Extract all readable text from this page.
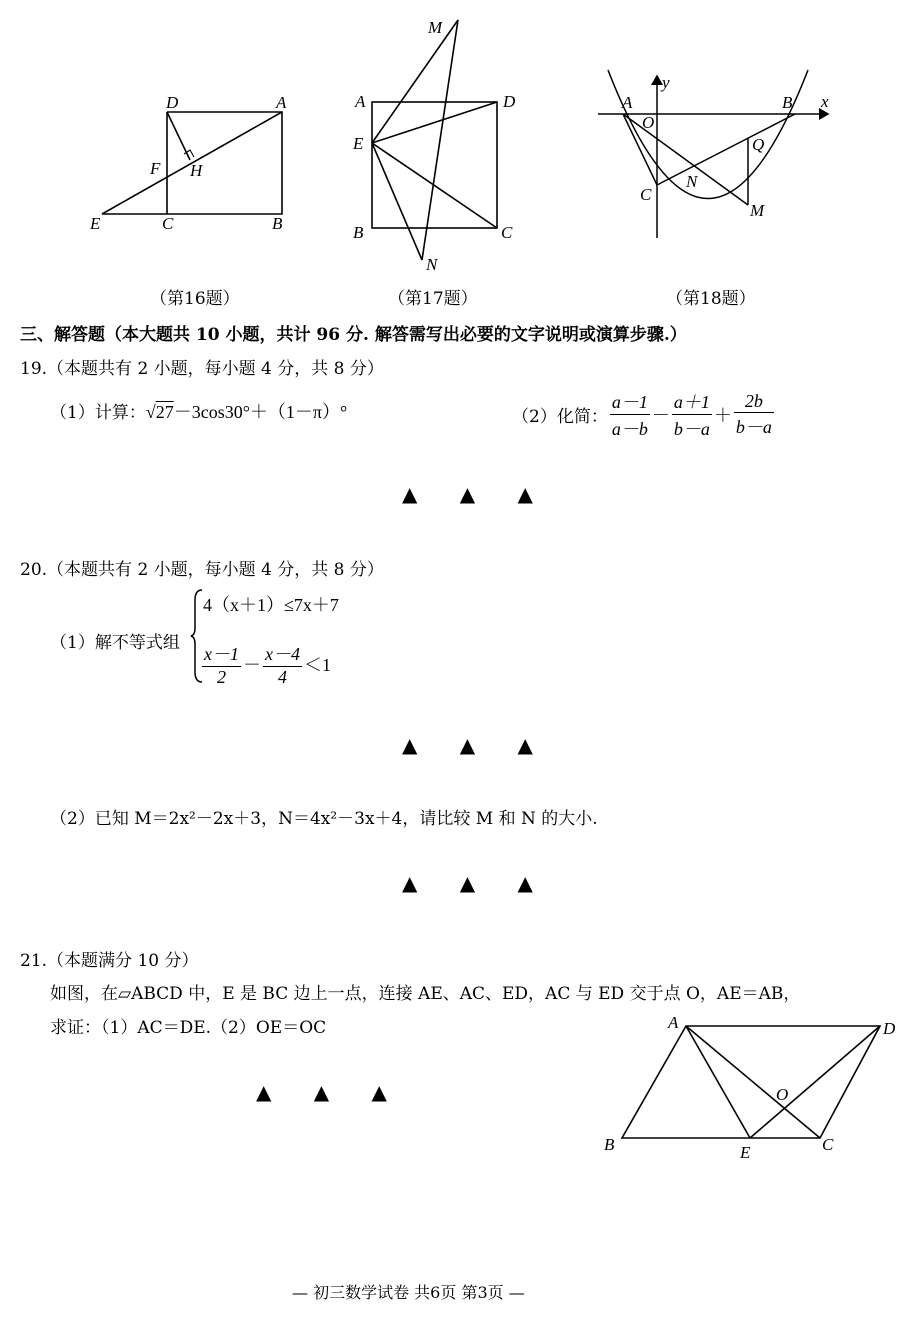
D	A
F H
E	C	B
（第16题）
M
A	D
E
B	C
N
（第17题）
y
A
O
B x
Q
C
N
M
（第18题）
三、解答题（本大题共 10 小题，共计 96 分. 解答需写出必要的文字说明或演算步骤.）
19.（本题共有 2 小题，每小题 4 分，共 8 分）
（1）计算：√27－3cos30°＋（1－π）°	（2）化简： $\frac{a-1}{a-b} - \frac{a+1}{b-a} + \frac{2b}{b-a}$
▲ ▲ ▲
20.（本题共有 2 小题，每小题 4 分，共 8 分）
（1）解不等式组
4（x＋1）≤7x＋7
$\frac{x-1}{2} - \frac{x-4}{4} <1$
▲ ▲ ▲
（2）已知 M＝2x²－2x＋3，N＝4x²－3x＋4，请比较 M 和 N 的大小.
▲ ▲ ▲
21.（本题满分 10 分）
如图，在▱ABCD 中，E 是 BC 边上一点，连接 AE、AC、ED，AC 与 ED 交于点 O，AE＝AB，
求证：（1）AC＝DE.（2）OE＝OC
▲ ▲ ▲
A	D
O
B	E	C
— 初三数学试卷 共6页 第3页 —
